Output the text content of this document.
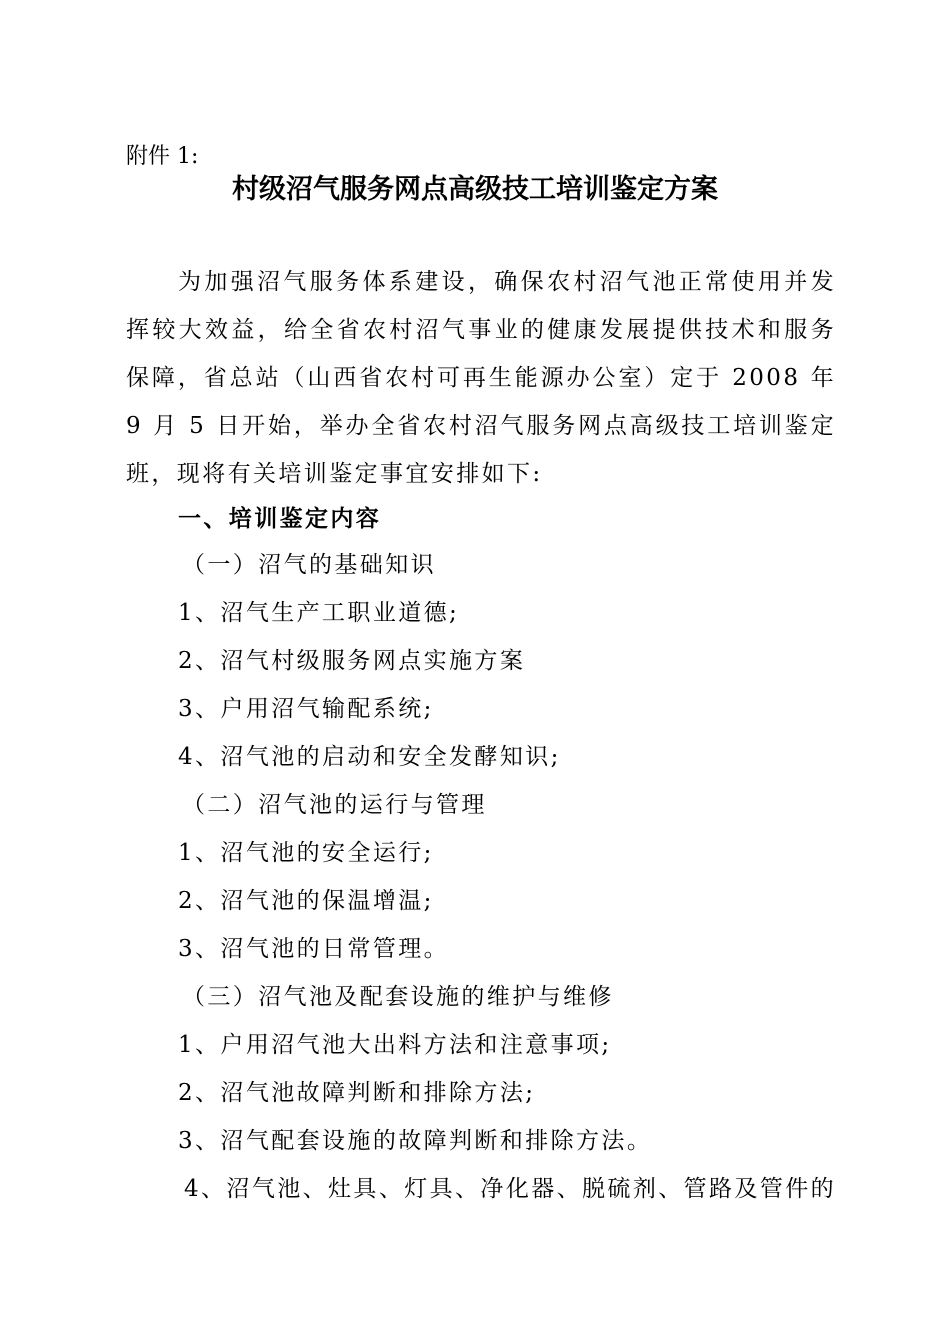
附件 1:
村级沼气服务网点高级技工培训鉴定方案
为加强沼气服务体系建设，确保农村沼气池正常使用并发挥较大效益，给全省农村沼气事业的健康发展提供技术和服务保障，省总站（山西省农村可再生能源办公室）定于 2008 年 9 月 5 日开始，举办全省农村沼气服务网点高级技工培训鉴定班，现将有关培训鉴定事宜安排如下:
一、培训鉴定内容
（一）沼气的基础知识
1、沼气生产工职业道德;
2、沼气村级服务网点实施方案
3、户用沼气输配系统;
4、沼气池的启动和安全发酵知识;
（二）沼气池的运行与管理
1、沼气池的安全运行;
2、沼气池的保温增温;
3、沼气池的日常管理。
（三）沼气池及配套设施的维护与维修
1、户用沼气池大出料方法和注意事项;
2、沼气池故障判断和排除方法;
3、沼气配套设施的故障判断和排除方法。
4、沼气池、灶具、灯具、净化器、脱硫剂、管路及管件的
